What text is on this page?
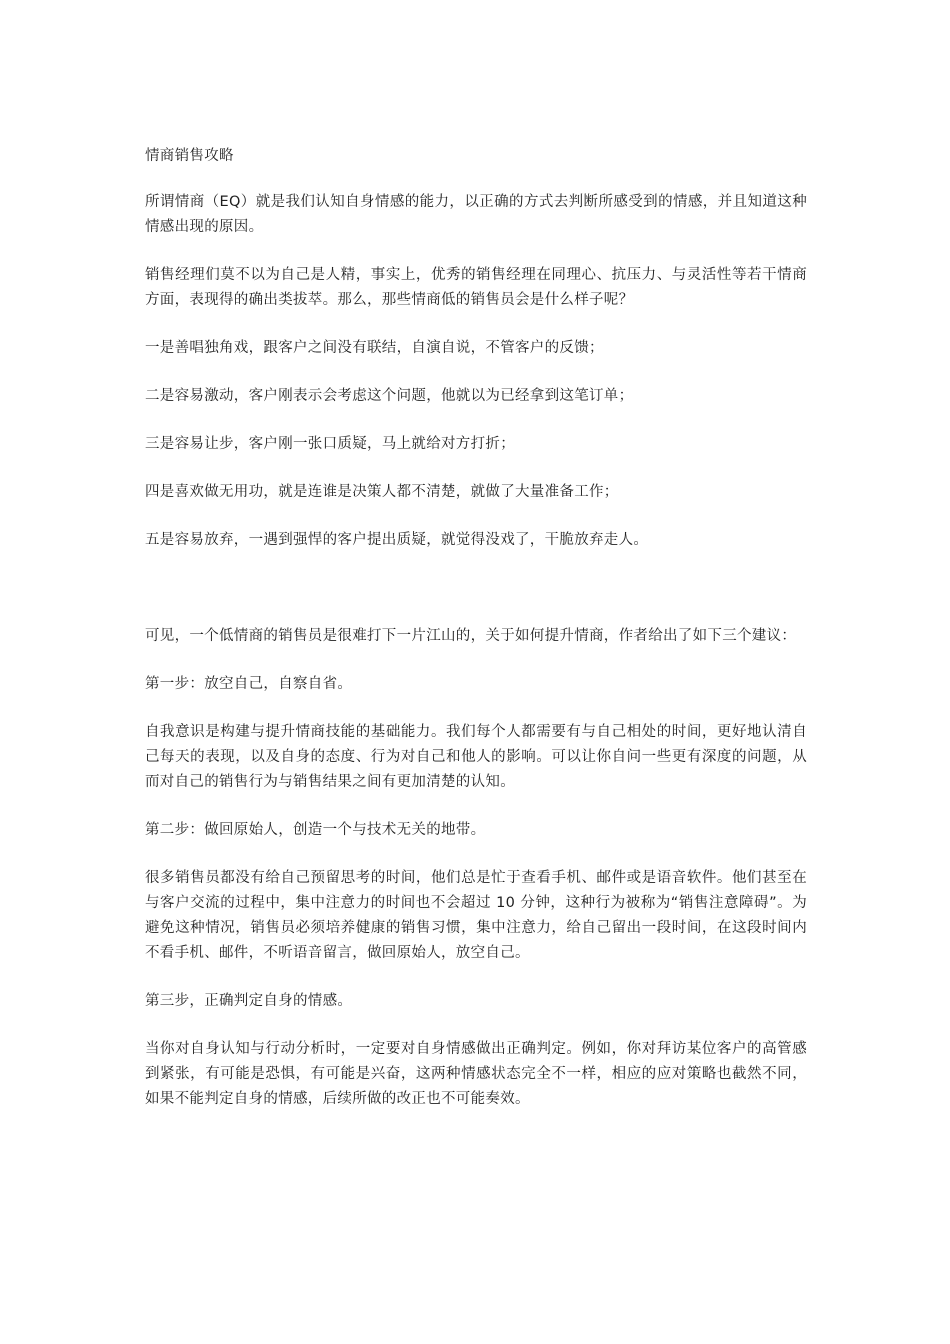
情商销售攻略

所谓情商（EQ）就是我们认知自身情感的能力，以正确的方式去判断所感受到的情感，并且知道这种情感出现的原因。

销售经理们莫不以为自己是人精，事实上，优秀的销售经理在同理心、抗压力、与灵活性等若干情商方面，表现得的确出类拔萃。那么，那些情商低的销售员会是什么样子呢？

一是善唱独角戏，跟客户之间没有联结，自演自说，不管客户的反馈；

二是容易激动，客户刚表示会考虑这个问题，他就以为已经拿到这笔订单；

三是容易让步，客户刚一张口质疑，马上就给对方打折；

四是喜欢做无用功，就是连谁是决策人都不清楚，就做了大量准备工作；

五是容易放弃，一遇到强悍的客户提出质疑，就觉得没戏了，干脆放弃走人。

可见，一个低情商的销售员是很难打下一片江山的，关于如何提升情商，作者给出了如下三个建议：

第一步：放空自己，自察自省。

自我意识是构建与提升情商技能的基础能力。我们每个人都需要有与自己相处的时间，更好地认清自己每天的表现，以及自身的态度、行为对自己和他人的影响。可以让你自问一些更有深度的问题，从而对自己的销售行为与销售结果之间有更加清楚的认知。

第二步：做回原始人，创造一个与技术无关的地带。

很多销售员都没有给自己预留思考的时间，他们总是忙于查看手机、邮件或是语音软件。他们甚至在与客户交流的过程中，集中注意力的时间也不会超过 10 分钟，这种行为被称为“销售注意障碍”。为避免这种情况，销售员必须培养健康的销售习惯，集中注意力，给自己留出一段时间，在这段时间内不看手机、邮件，不听语音留言，做回原始人，放空自己。

第三步，正确判定自身的情感。

当你对自身认知与行动分析时，一定要对自身情感做出正确判定。例如，你对拜访某位客户的高管感到紧张，有可能是恐惧，有可能是兴奋，这两种情感状态完全不一样，相应的应对策略也截然不同，如果不能判定自身的情感，后续所做的改正也不可能奏效。
